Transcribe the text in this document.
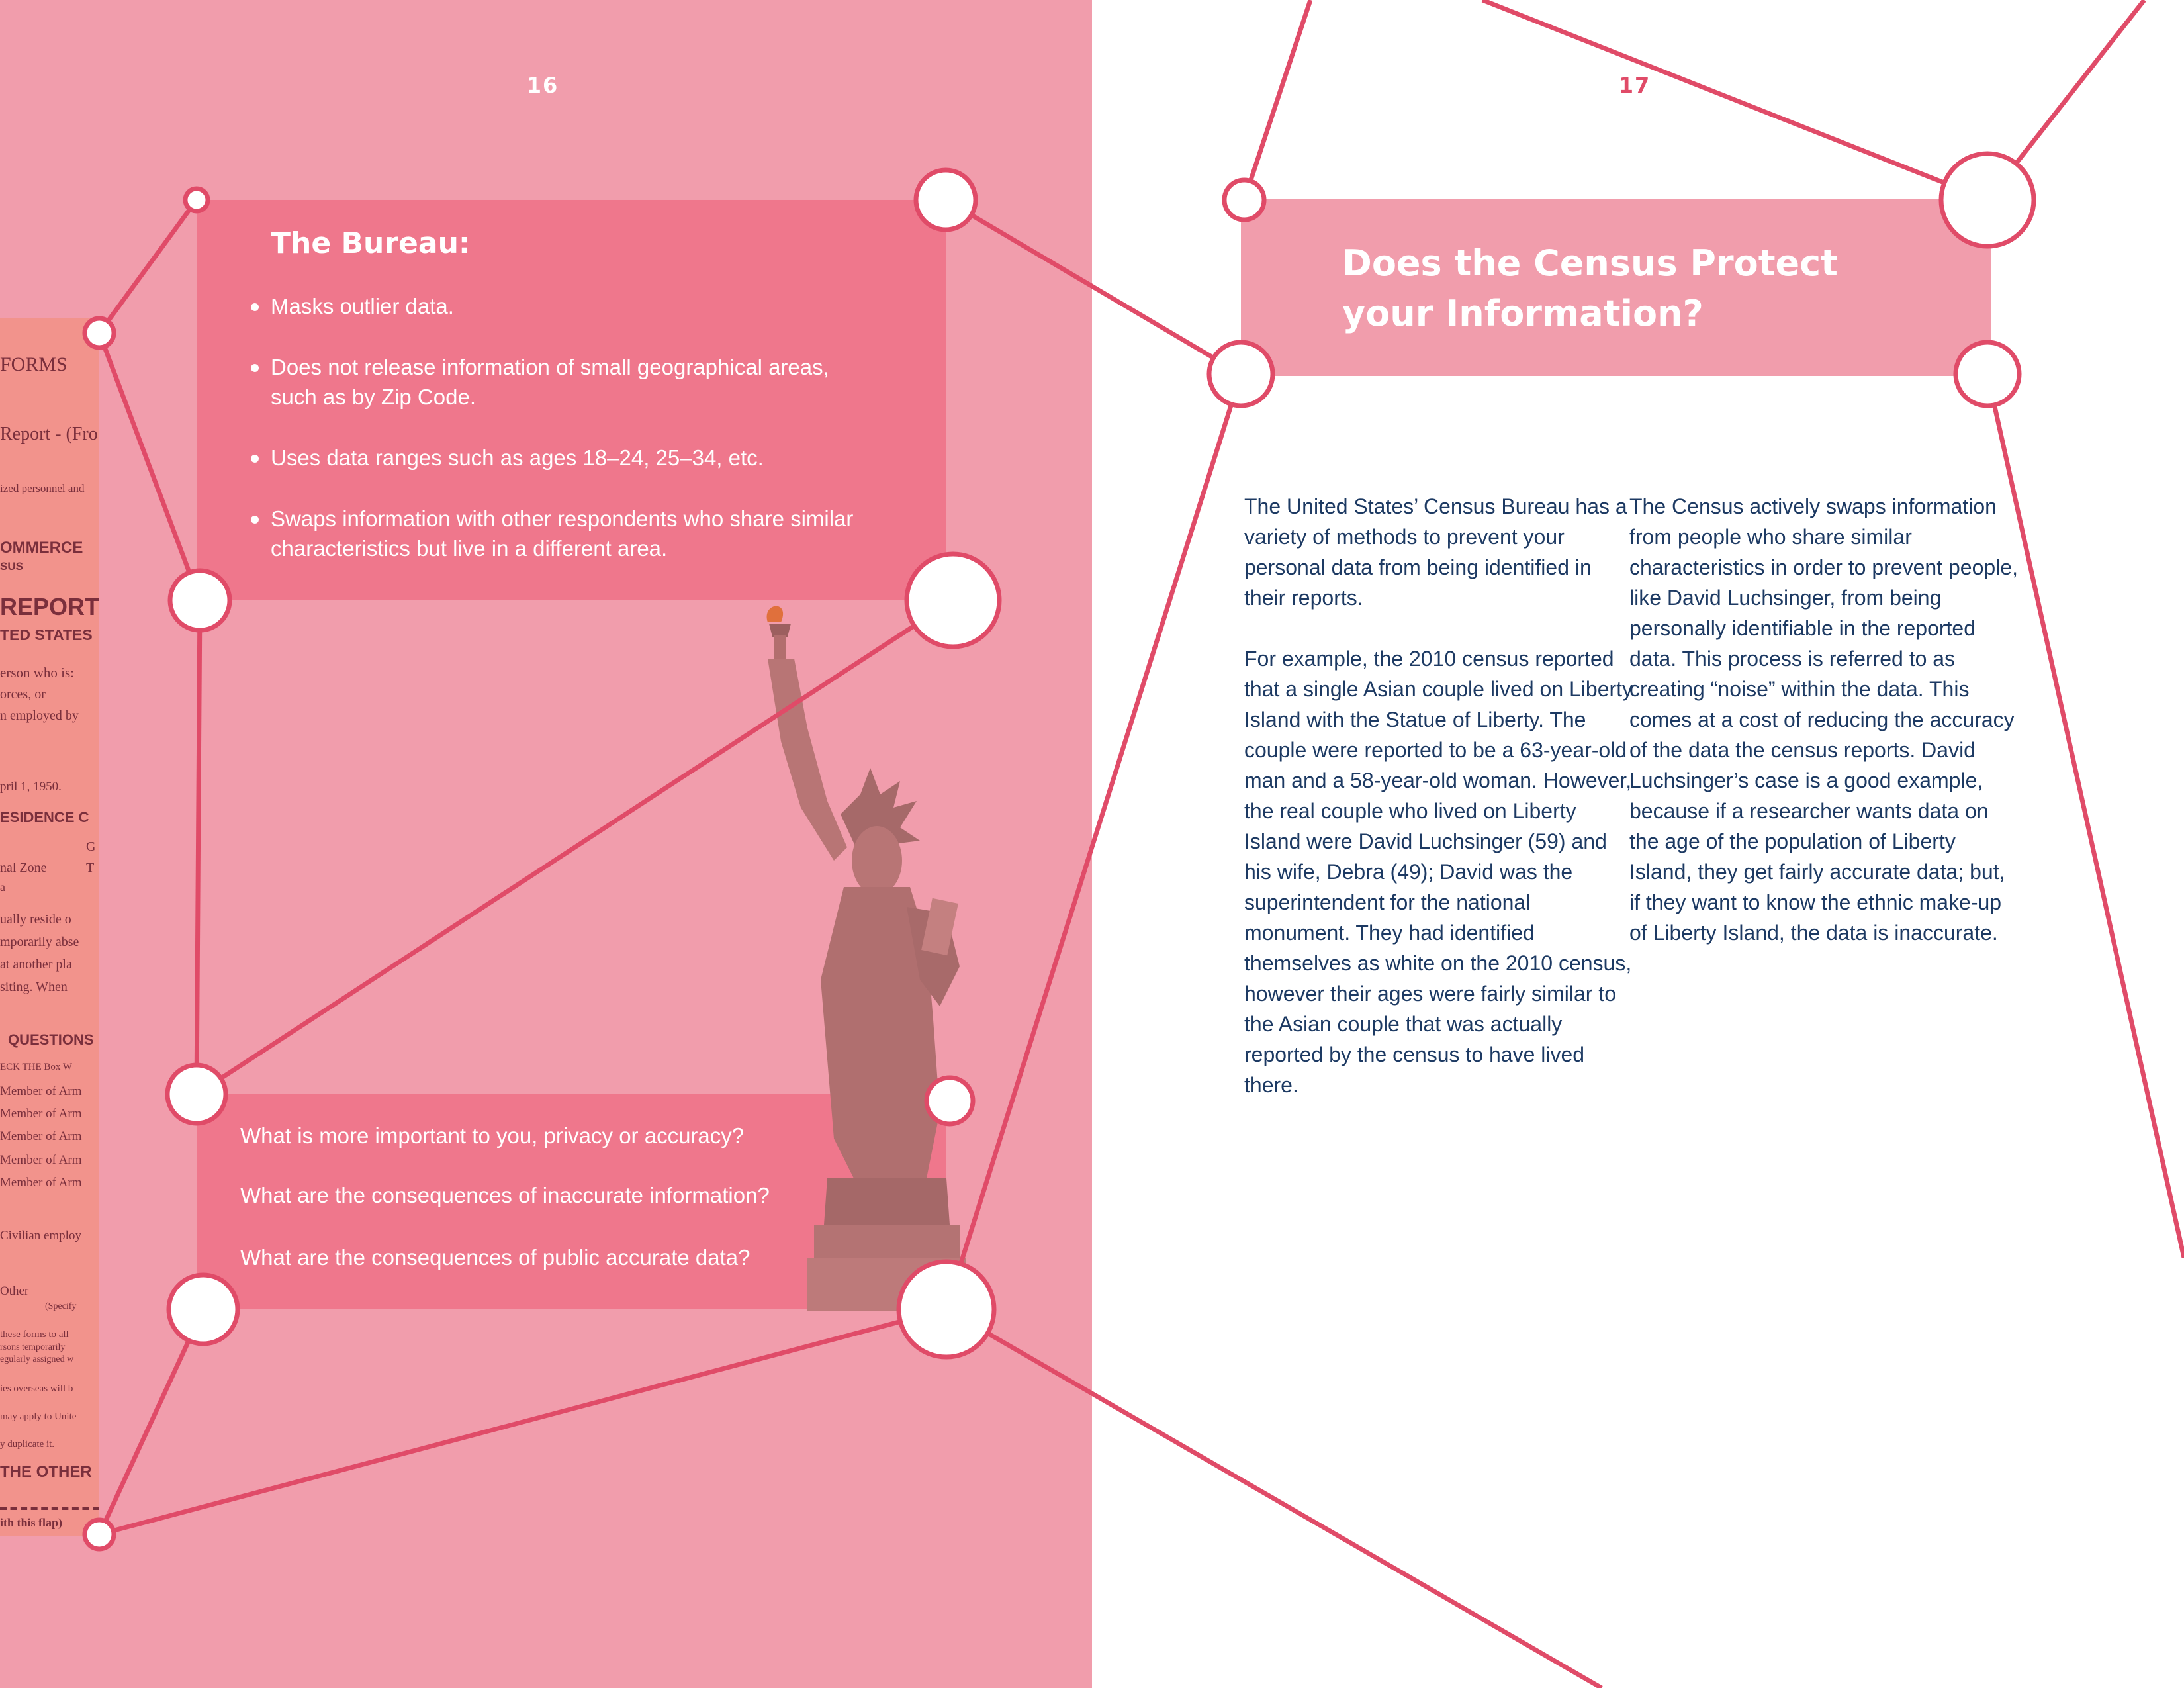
FORMS
Report - (Fro
ized personnel and
OMMERCE
SUS
REPORT
TED STATES
erson who is:
orces, or
n employed by
pril 1, 1950.
ESIDENCE C
G
nal Zone	T
a
ually reside o
mporarily abse
at another pla
siting. When
QUESTIONS
ECK THE Box W
Member of Arm
Member of Arm
Member of Arm
Member of Arm
Member of Arm
Civilian employ
Other
(Specify
these forms to all
rsons temporarily
egularly assigned w
ies overseas will b
may apply to Unite
y duplicate it.
THE OTHER
ith this flap)
16	17
The Bureau:
Masks outlier data.
Does not release information of small geographical areas, such as by Zip Code.
Uses data ranges such as ages 18–24, 25–34, etc.
Swaps information with other respondents who share similar characteristics but live in a different area.
What is more important to you, privacy or accuracy?
What are the consequences of inaccurate information?
What are the consequences of public accurate data?
Does the Census Protect your Information?

The United States’ Census Bureau has a variety of methods to prevent your personal data from being identified in their reports.

For example, the 2010 census reported that a single Asian couple lived on Liberty Island with the Statue of Liberty. The couple were reported to be a 63-year-old man and a 58-year-old woman. However, the real couple who lived on Liberty Island were David Luchsinger (59) and his wife, Debra (49); David was the superintendent for the national monument. They had identified themselves as white on the 2010 census, however their ages were fairly similar to the Asian couple that was actually reported by the census to have lived there.

The Census actively swaps information from people who share similar characteristics in order to prevent people, like David Luchsinger, from being personally identifiable in the reported data. This process is referred to as creating “noise” within the data. This comes at a cost of reducing the accuracy of the data the census reports. David Luchsinger’s case is a good example, because if a researcher wants data on the age of the population of Liberty Island, they get fairly accurate data; but, if they want to know the ethnic make-up of Liberty Island, the data is inaccurate.
